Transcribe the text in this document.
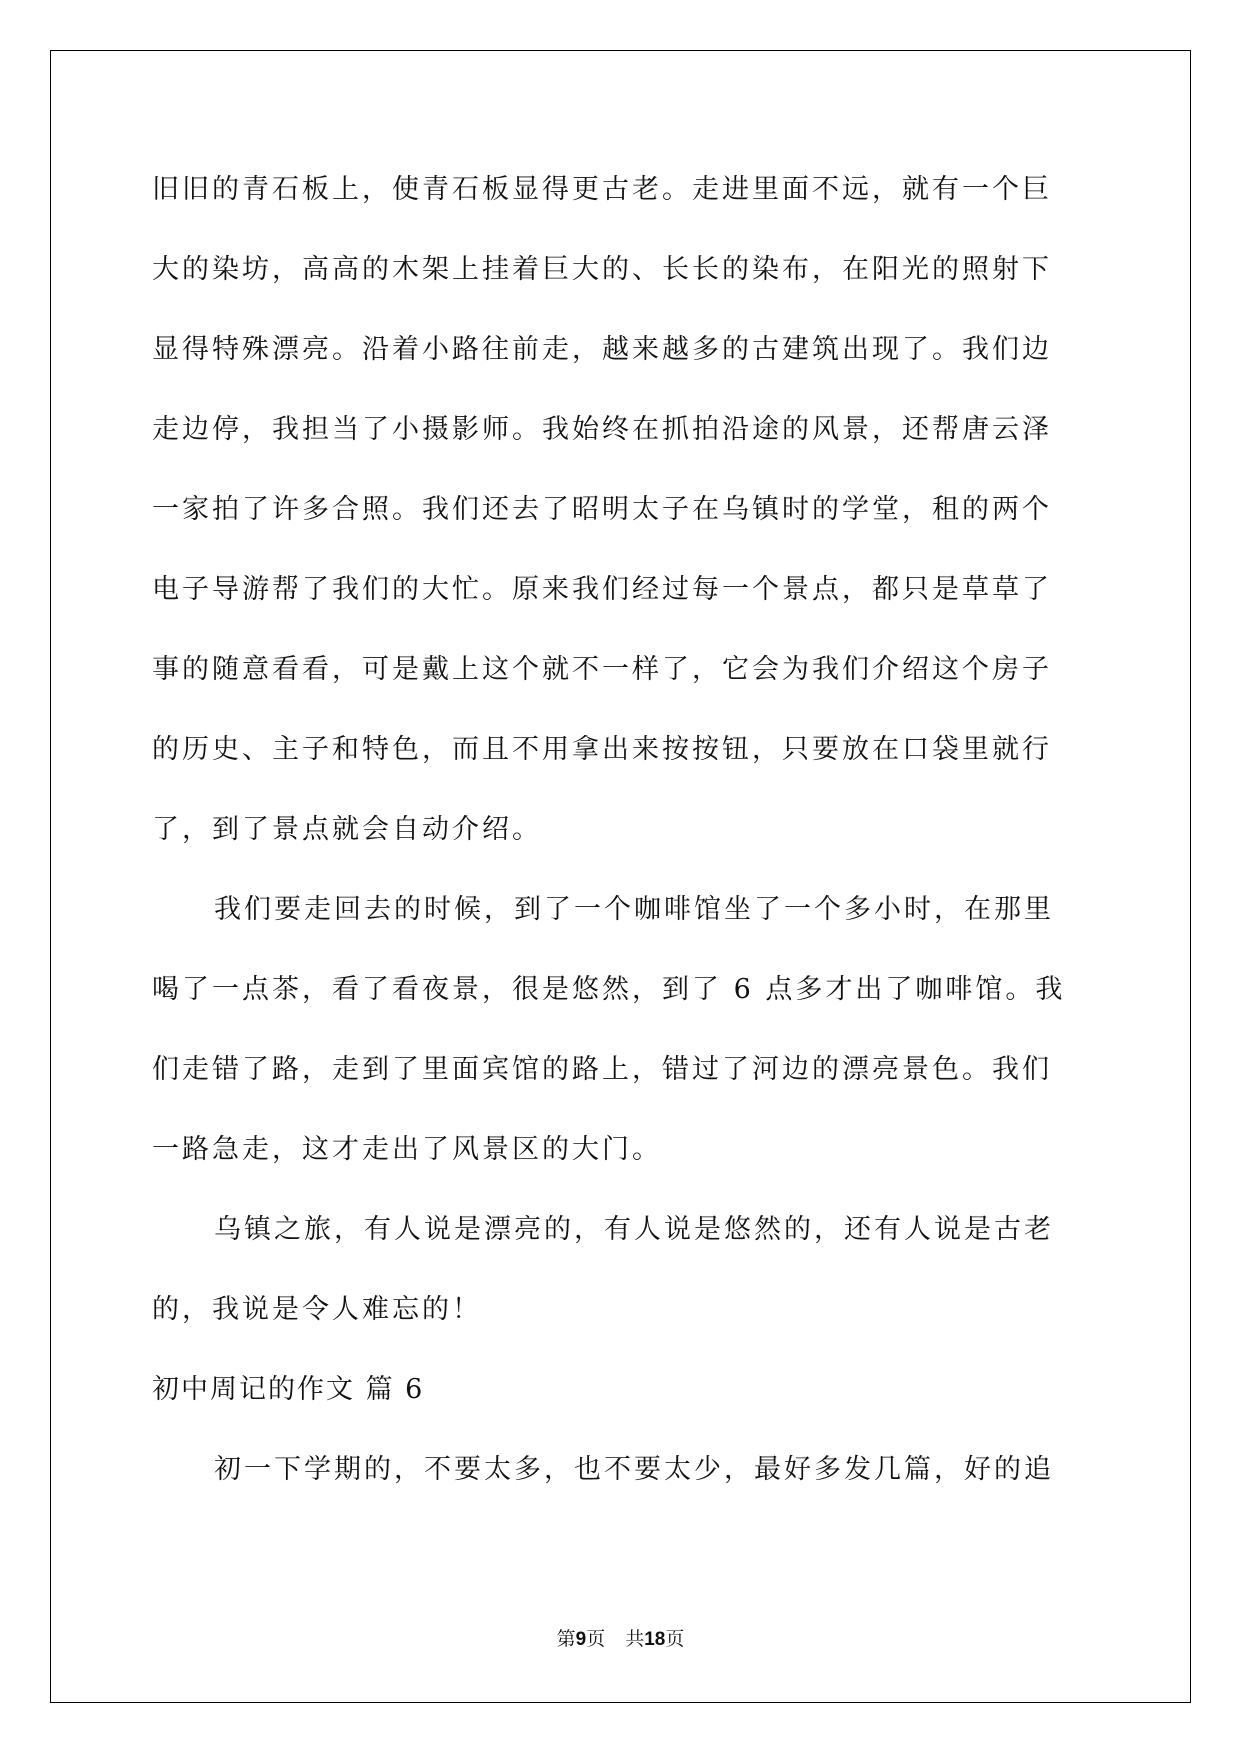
旧旧的青石板上，使青石板显得更古老。走进里面不远，就有一个巨
大的染坊，高高的木架上挂着巨大的、长长的染布，在阳光的照射下
显得特殊漂亮。沿着小路往前走，越来越多的古建筑出现了。我们边
走边停，我担当了小摄影师。我始终在抓拍沿途的风景，还帮唐云泽
一家拍了许多合照。我们还去了昭明太子在乌镇时的学堂，租的两个
电子导游帮了我们的大忙。原来我们经过每一个景点，都只是草草了
事的随意看看，可是戴上这个就不一样了，它会为我们介绍这个房子
的历史、主子和特色，而且不用拿出来按按钮，只要放在口袋里就行
了，到了景点就会自动介绍。
我们要走回去的时候，到了一个咖啡馆坐了一个多小时，在那里
喝了一点茶，看了看夜景，很是悠然，到了 6 点多才出了咖啡馆。我
们走错了路，走到了里面宾馆的路上，错过了河边的漂亮景色。我们
一路急走，这才走出了风景区的大门。
乌镇之旅，有人说是漂亮的，有人说是悠然的，还有人说是古老
的，我说是令人难忘的！
初中周记的作文 篇 6
初一下学期的，不要太多，也不要太少，最好多发几篇，好的追
第9页 共18页
